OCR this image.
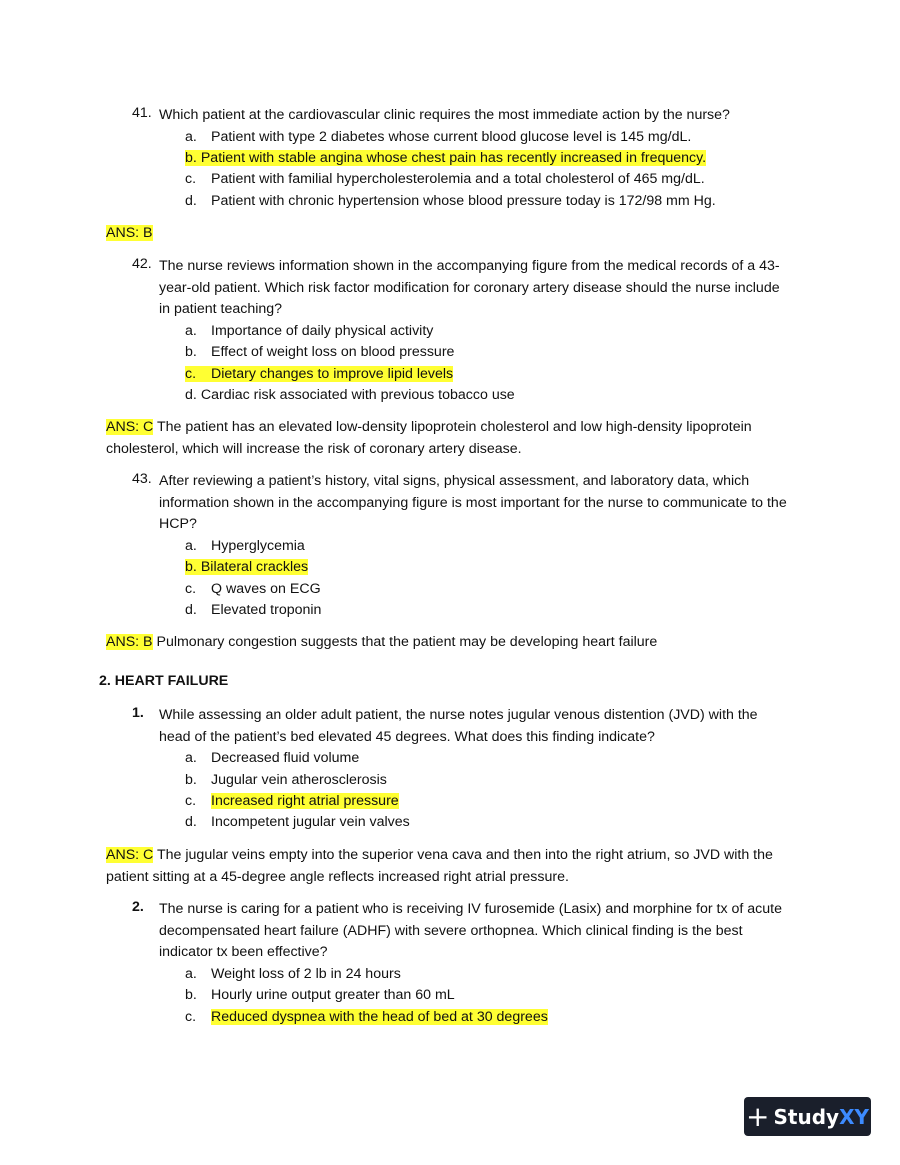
41. Which patient at the cardiovascular clinic requires the most immediate action by the nurse?
a. Patient with type 2 diabetes whose current blood glucose level is 145 mg/dL.
b. Patient with stable angina whose chest pain has recently increased in frequency.
c. Patient with familial hypercholesterolemia and a total cholesterol of 465 mg/dL.
d. Patient with chronic hypertension whose blood pressure today is 172/98 mm Hg.
ANS: B
42. The nurse reviews information shown in the accompanying figure from the medical records of a 43-year-old patient. Which risk factor modification for coronary artery disease should the nurse include in patient teaching?
a. Importance of daily physical activity
b. Effect of weight loss on blood pressure
c. Dietary changes to improve lipid levels
d. Cardiac risk associated with previous tobacco use
ANS: C The patient has an elevated low-density lipoprotein cholesterol and low high-density lipoprotein cholesterol, which will increase the risk of coronary artery disease.
43. After reviewing a patient’s history, vital signs, physical assessment, and laboratory data, which information shown in the accompanying figure is most important for the nurse to communicate to the HCP?
a. Hyperglycemia
b. Bilateral crackles
c. Q waves on ECG
d. Elevated troponin
ANS: B Pulmonary congestion suggests that the patient may be developing heart failure
2. HEART FAILURE
1.	While assessing an older adult patient, the nurse notes jugular venous distention (JVD) with the head of the patient’s bed elevated 45 degrees. What does this finding indicate?
a. Decreased fluid volume
b. Jugular vein atherosclerosis
c. Increased right atrial pressure
d. Incompetent jugular vein valves
ANS: C The jugular veins empty into the superior vena cava and then into the right atrium, so JVD with the patient sitting at a 45-degree angle reflects increased right atrial pressure.
2.	The nurse is caring for a patient who is receiving IV furosemide (Lasix) and morphine for tx of acute decompensated heart failure (ADHF) with severe orthopnea. Which clinical finding is the best indicator tx been effective?
a. Weight loss of 2 lb in 24 hours
b. Hourly urine output greater than 60 mL
c. Reduced dyspnea with the head of bed at 30 degrees
+ StudyXY
